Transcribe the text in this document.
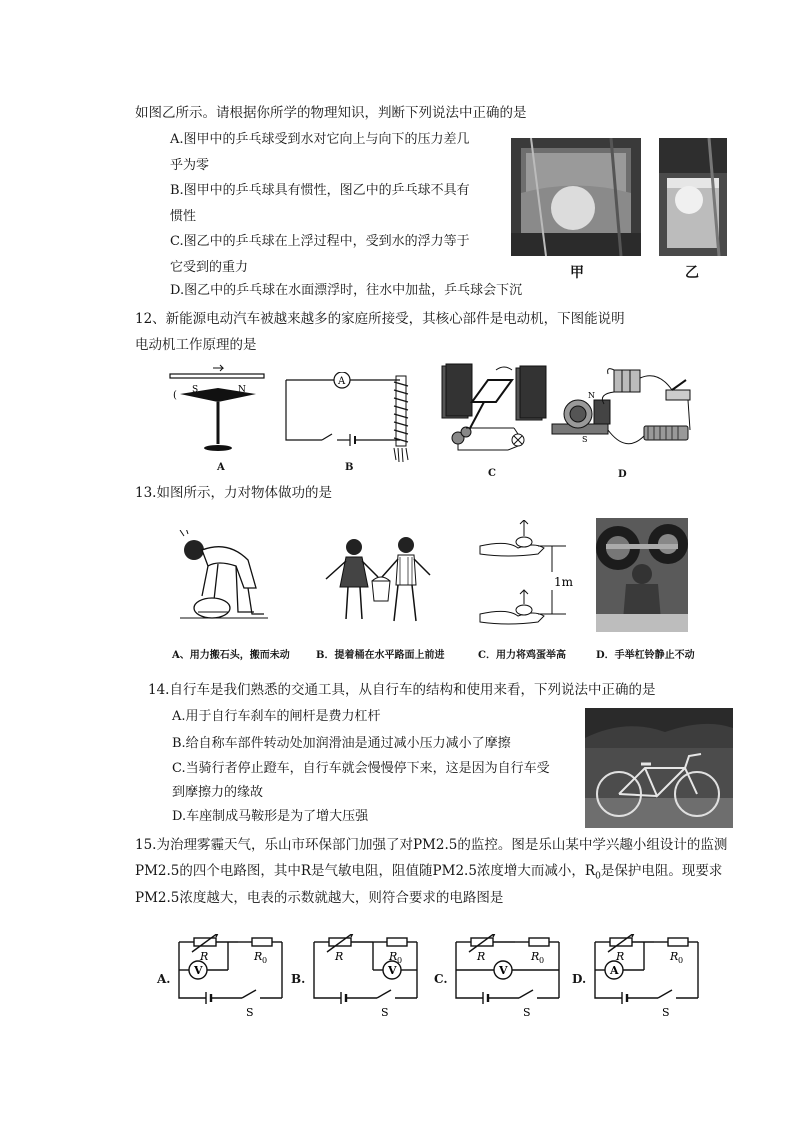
如图乙所示。请根据你所学的物理知识，判断下列说法中正确的是
A.图甲中的乒乓球受到水对它向上与向下的压力差几
乎为零
B.图甲中的乒乓球具有惯性，图乙中的乒乓球不具有
惯性
C.图乙中的乒乓球在上浮过程中，受到水的浮力等于
它受到的重力
D.图乙中的乒乓球在水面漂浮时，往水中加盐，乒乓球会下沉
甲	乙
12、新能源电动汽车被越来越多的家庭所接受，其核心部件是电动机，下图能说明
电动机工作原理的是
( S	N
A
A
B
C
N
S
D
13.如图所示，力对物体做功的是
A、用力搬石头，搬而未动	B．提着桶在水平路面上前进
1m
C．用力将鸡蛋举高	D．手举杠铃静止不动
14.自行车是我们熟悉的交通工具，从自行车的结构和使用来看，下列说法中正确的是
A.用于自行车刹车的闸杆是费力杠杆
B.给自称车部件转动处加润滑油是通过减小压力减小了摩擦
C.当骑行者停止蹬车，自行车就会慢慢停下来，这是因为自行车受
到摩擦力的缘故
D.车座制成马鞍形是为了增大压强
15.为治理雾霾天气，乐山市环保部门加强了对PM2.5的监控。图是乐山某中学兴趣小组设计的监测
PM2.5的四个电路图，其中R是气敏电阻，阻值随PM2.5浓度增大而减小，$R_0$是保护电阻。现要求
PM2.5浓度越大，电表的示数就越大，则符合要求的电路图是
A.
V
R	R 0
S
B.
V
R	R 0
S
C.
V
R	R 0
S
D.
A
R	R 0
S
